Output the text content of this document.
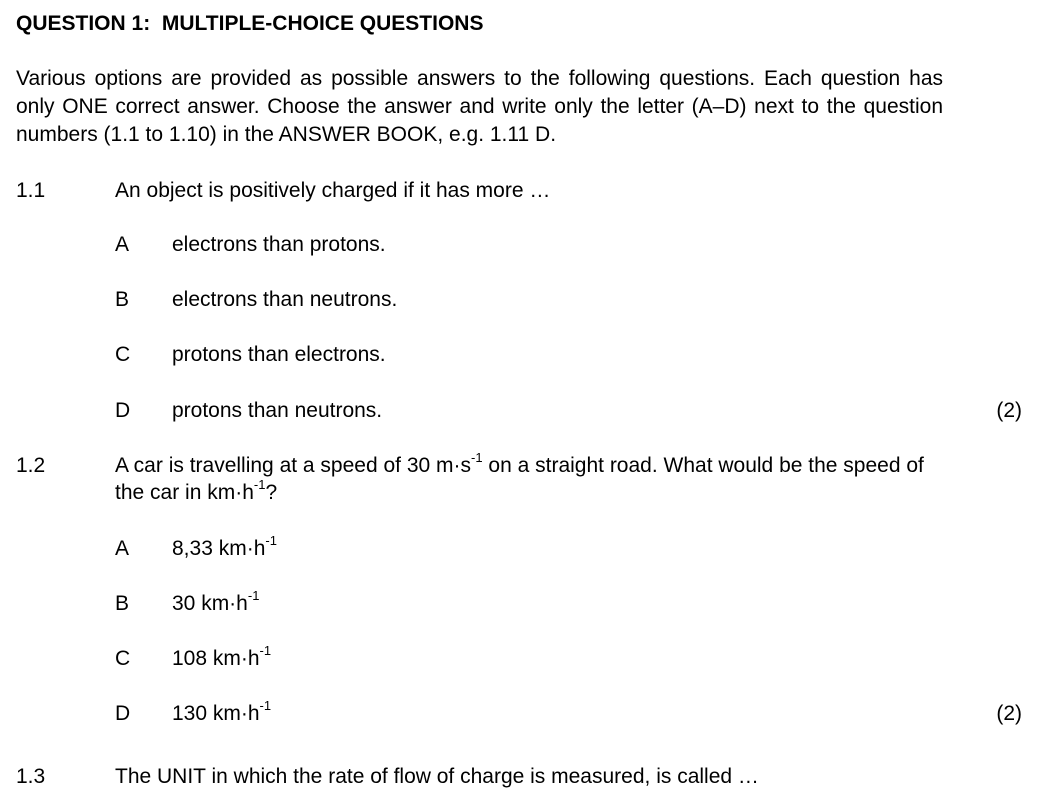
QUESTION 1:  MULTIPLE-CHOICE QUESTIONS
Various options are provided as possible answers to the following questions. Each question has only ONE correct answer. Choose the answer and write only the letter (A–D) next to the question numbers (1.1 to 1.10) in the ANSWER BOOK, e.g. 1.11 D.
1.1	An object is positively charged if it has more …
A electrons than protons.
B electrons than neutrons.
C protons than electrons.
D protons than neutrons.	(2)
1.2	A car is travelling at a speed of 30 $m\cdot s^{-1}$ on a straight road. What would be the speed of the car in $km\cdot h^{-1}$?
A 8,33 $km\cdot h^{-1}$
B 30 $km\cdot h^{-1}$
C 108 $km\cdot h^{-1}$
D 130 $km\cdot h^{-1}$	(2)
1.3	The UNIT in which the rate of flow of charge is measured, is called …
